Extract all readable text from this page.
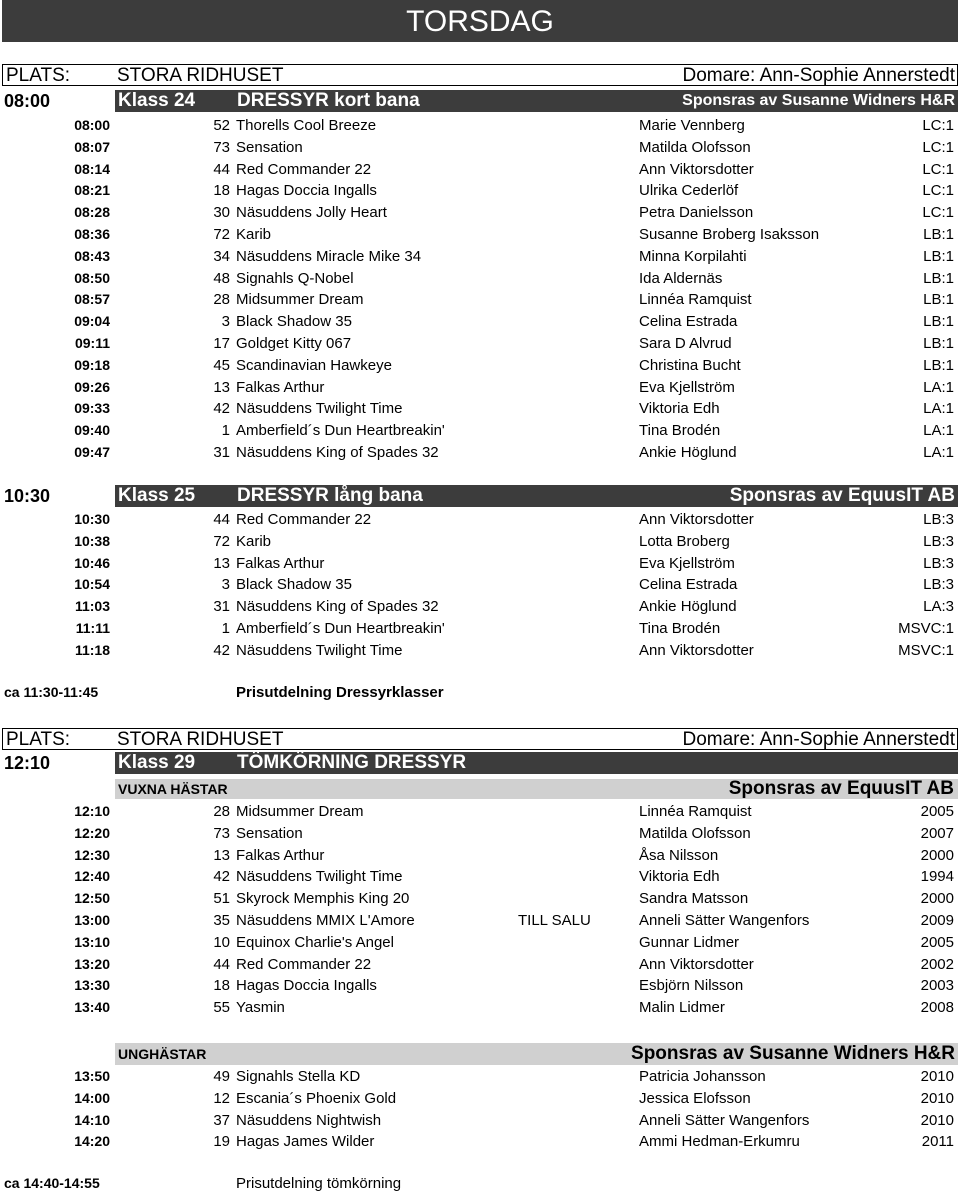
TORSDAG
PLATS: STORA RIDHUSET	Domare: Ann-Sophie Annerstedt
08:00	Klass 24 DRESSYR kort bana	Sponsras av Susanne Widners H&R
08:00	52 Thorells Cool Breeze	Marie Vennberg	LC:1
08:07	73 Sensation	Matilda Olofsson	LC:1
08:14	44 Red Commander 22	Ann Viktorsdotter	LC:1
08:21	18 Hagas Doccia Ingalls	Ulrika Cederlöf	LC:1
08:28	30 Näsuddens Jolly Heart	Petra Danielsson	LC:1
08:36	72 Karib	Susanne Broberg Isaksson	LB:1
08:43	34 Näsuddens Miracle Mike 34	Minna Korpilahti	LB:1
08:50	48 Signahls Q-Nobel	Ida Aldernäs	LB:1
08:57	28 Midsummer Dream	Linnéa Ramquist	LB:1
09:04	3 Black Shadow 35	Celina Estrada	LB:1
09:11	17 Goldget Kitty 067	Sara D Alvrud	LB:1
09:18	45 Scandinavian Hawkeye	Christina Bucht	LB:1
09:26	13 Falkas Arthur	Eva Kjellström	LA:1
09:33	42 Näsuddens Twilight Time	Viktoria Edh	LA:1
09:40	1 Amberfield´s Dun Heartbreakin'	Tina Brodén	LA:1
09:47	31 Näsuddens King of Spades 32	Ankie Höglund	LA:1
10:30	Klass 25 DRESSYR lång bana	Sponsras av EquusIT AB
10:30	44 Red Commander 22	Ann Viktorsdotter	LB:3
10:38	72 Karib	Lotta Broberg	LB:3
10:46	13 Falkas Arthur	Eva Kjellström	LB:3
10:54	3 Black Shadow 35	Celina Estrada	LB:3
11:03	31 Näsuddens King of Spades 32	Ankie Höglund	LA:3
11:11	1 Amberfield´s Dun Heartbreakin'	Tina Brodén	MSVC:1
11:18	42 Näsuddens Twilight Time	Ann Viktorsdotter	MSVC:1
ca 11:30-11:45	Prisutdelning Dressyrklasser
PLATS: STORA RIDHUSET	Domare: Ann-Sophie Annerstedt
12:10	Klass 29 TÖMKÖRNING DRESSYR
VUXNA HÄSTAR	Sponsras av EquusIT AB
12:10	28 Midsummer Dream	Linnéa Ramquist	2005
12:20	73 Sensation	Matilda Olofsson	2007
12:30	13 Falkas Arthur	Åsa Nilsson	2000
12:40	42 Näsuddens Twilight Time	Viktoria Edh	1994
12:50	51 Skyrock Memphis King 20	Sandra Matsson	2000
13:00	35 Näsuddens MMIX L'Amore	TILL SALU	Anneli Sätter Wangenfors	2009
13:10	10 Equinox Charlie's Angel	Gunnar Lidmer	2005
13:20	44 Red Commander 22	Ann Viktorsdotter	2002
13:30	18 Hagas Doccia Ingalls	Esbjörn Nilsson	2003
13:40	55 Yasmin	Malin Lidmer	2008
UNGHÄSTAR	Sponsras av Susanne Widners H&R
13:50	49 Signahls Stella KD	Patricia Johansson	2010
14:00	12 Escania´s Phoenix Gold	Jessica Elofsson	2010
14:10	37 Näsuddens Nightwish	Anneli Sätter Wangenfors	2010
14:20	19 Hagas James Wilder	Ammi Hedman-Erkumru	2011
ca 14:40-14:55	Prisutdelning tömkörning
